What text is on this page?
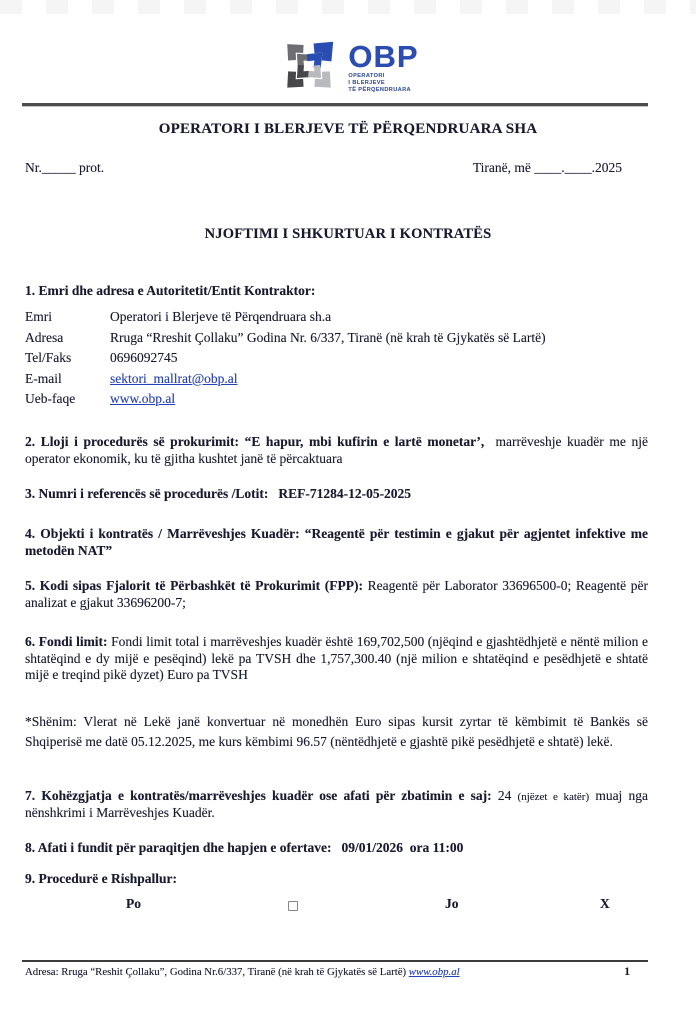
OBP
OPERATORI
I BLERJEVE
TË PËRQENDRUARA
OPERATORI I BLERJEVE TË PËRQENDRUARA SHA
Nr._____ prot.	Tiranë, më ____.____.2025
NJOFTIMI I SHKURTUAR I KONTRATËS
1. Emri dhe adresa e Autoritetit/Entit Kontraktor:
Emri	Operatori i Blerjeve të Përqendruara sh.a
Adresa	Rruga “Rreshit Çollaku” Godina Nr. 6/337, Tiranë (në krah të Gjykatës së Lartë)
Tel/Faks	0696092745
E-mail	sektori_mallrat@obp.al
Ueb-faqe	www.obp.al
2. Lloji i procedurës së prokurimit: “E hapur, mbi kufirin e lartë monetar’,  marrëveshje kuadër me një operator ekonomik, ku të gjitha kushtet janë të përcaktuara
3. Numri i referencës së procedurës /Lotit: REF-71284-12-05-2025
4. Objekti i kontratës / Marrëveshjes Kuadër: “Reagentë për testimin e gjakut për agjentet infektive me metodën NAT”
5. Kodi sipas Fjalorit të Përbashkët të Prokurimit (FPP): Reagentë për Laborator 33696500-0; Reagentë për analizat e gjakut 33696200-7;
6. Fondi limit: Fondi limit total i marrëveshjes kuadër është 169,702,500 (njëqind e gjashtëdhjetë e nëntë milion e shtatëqind e dy mijë e pesëqind) lekë pa TVSH dhe 1,757,300.40 (një milion e shtatëqind e pesëdhjetë e shtatë mijë e treqind pikë dyzet) Euro pa TVSH
*Shënim: Vlerat në Lekë janë konvertuar në monedhën Euro sipas kursit zyrtar të këmbimit të Bankës së Shqiperisë me datë 05.12.2025, me kurs këmbimi 96.57 (nëntëdhjetë e gjashtë pikë pesëdhjetë e shtatë) lekë.
7. Kohëzgjatja e kontratës/marrëveshjes kuadër ose afati për zbatimin e saj: 24 (njëzet e katër) muaj nga nënshkrimi i Marrëveshjes Kuadër.
8. Afati i fundit për paraqitjen dhe hapjen e ofertave: 09/01/2026  ora 11:00
9. Procedurë e Rishpallur:
Po	Jo	X
Adresa: Rruga “Reshit Çollaku”, Godina Nr.6/337, Tiranë (në krah të Gjykatës së Lartë) www.obp.al	1
